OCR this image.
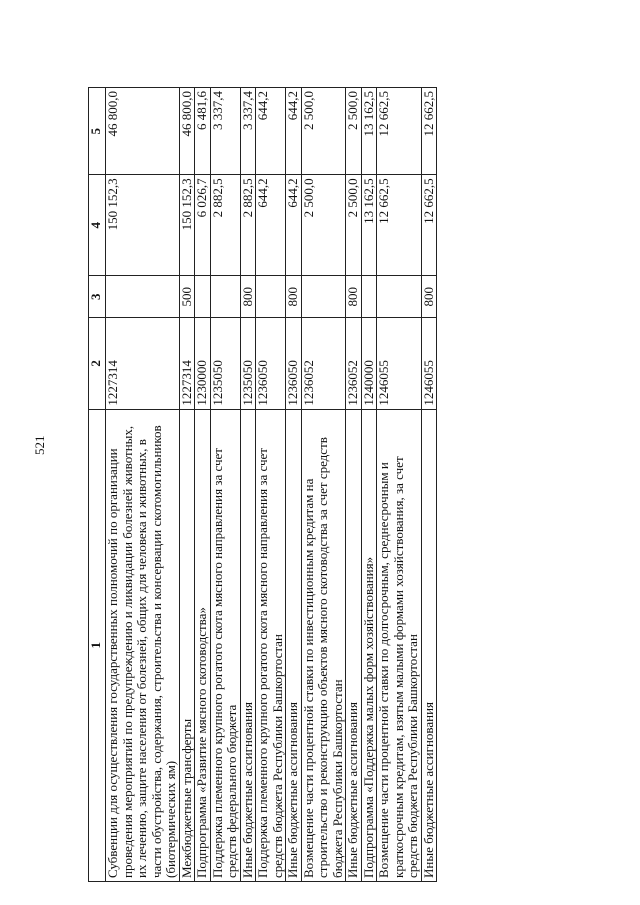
521
1	2	3	4	5
Субвенции для осуществления государственных полномочий по организации проведения мероприятий по предупреждению и ликвидации болезней животных, их лечению, защите населения от болезней, общих для человека и животных, в части обустройства, содержания, строительства и консервации скотомогильников (биотермических ям)	1227314		150 152,3	46 800,0
Межбюджетные трансферты	1227314	500	150 152,3	46 800,0
Подпрограмма «Развитие мясного скотоводства»	1230000		6 026,7	6 481,6
Поддержка племенного крупного рогатого скота мясного направления за счет средств федерального бюджета	1235050		2 882,5	3 337,4
Иные бюджетные ассигнования	1235050	800	2 882,5	3 337,4
Поддержка племенного крупного рогатого скота мясного направления за счет средств бюджета Республики Башкортостан	1236050		644,2	644,2
Иные бюджетные ассигнования	1236050	800	644,2	644,2
Возмещение части процентной ставки по инвестиционным кредитам на строительство и реконструкцию объектов мясного скотоводства за счет средств бюджета Республики Башкортостан	1236052		2 500,0	2 500,0
Иные бюджетные ассигнования	1236052	800	2 500,0	2 500,0
Подпрограмма «Поддержка малых форм хозяйствования»	1240000		13 162,5	13 162,5
Возмещение части процентной ставки по долгосрочным, среднесрочным и краткосрочным кредитам, взятым малыми формами хозяйствования, за счет средств бюджета Республики Башкортостан	1246055		12 662,5	12 662,5
Иные бюджетные ассигнования	1246055	800	12 662,5	12 662,5
